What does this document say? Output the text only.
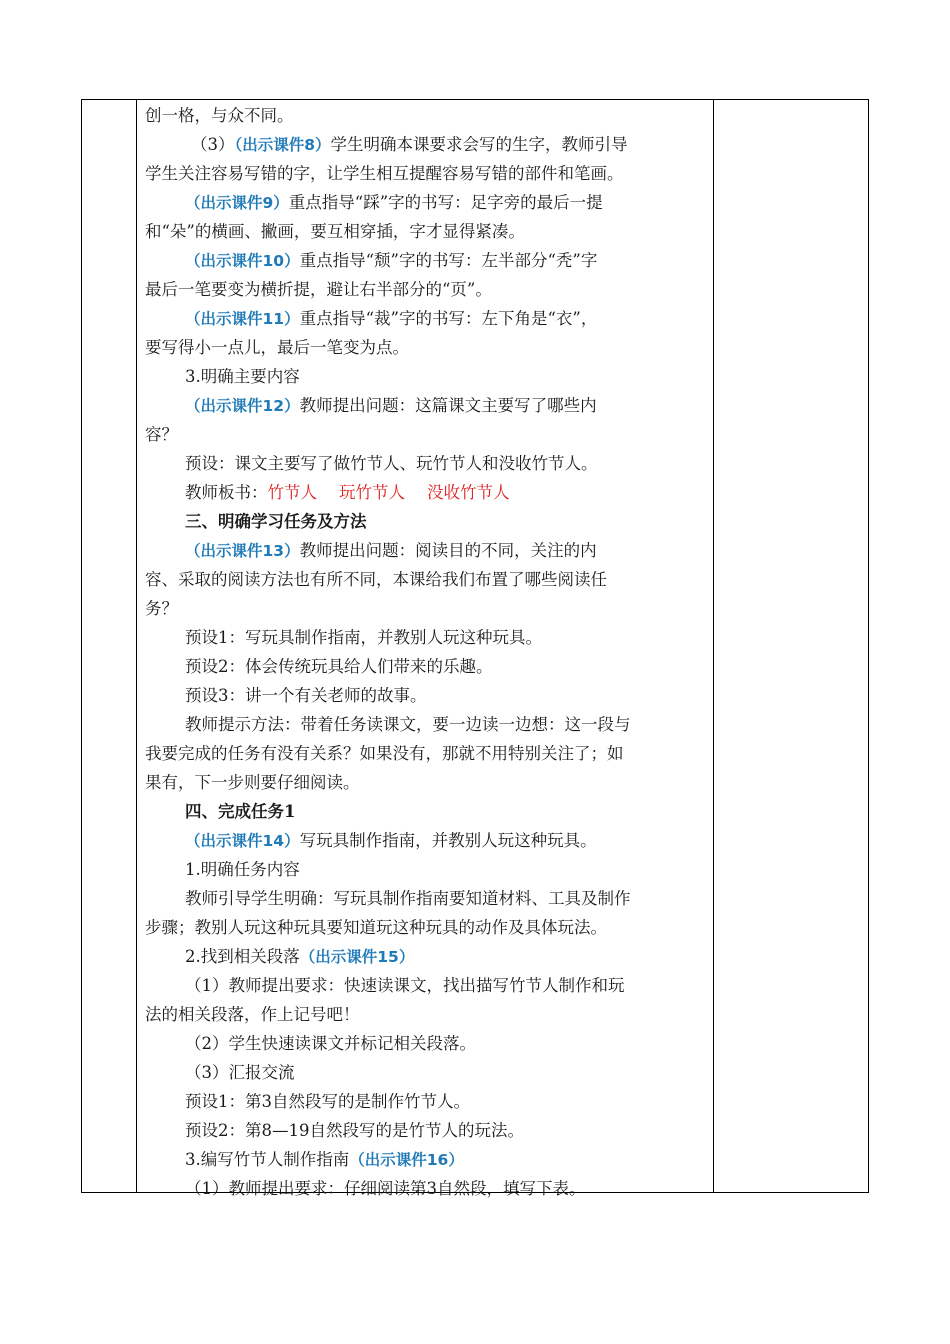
创一格，与众不同。
（3）（出示课件8）学生明确本课要求会写的生字，教师引导
学生关注容易写错的字，让学生相互提醒容易写错的部件和笔画。
（出示课件9）重点指导“踩”字的书写：足字旁的最后一提
和“朵”的横画、撇画，要互相穿插，字才显得紧凑。
（出示课件10）重点指导“颓”字的书写：左半部分“秃”字
最后一笔要变为横折提，避让右半部分的“页”。
（出示课件11）重点指导“裁”字的书写：左下角是“衣”，
要写得小一点儿，最后一笔变为点。
3.明确主要内容
（出示课件12）教师提出问题：这篇课文主要写了哪些内
容？
预设：课文主要写了做竹节人、玩竹节人和没收竹节人。
教师板书：竹节人 玩竹节人 没收竹节人
三、明确学习任务及方法
（出示课件13）教师提出问题：阅读目的不同，关注的内
容、采取的阅读方法也有所不同，本课给我们布置了哪些阅读任
务？
预设1：写玩具制作指南，并教别人玩这种玩具。
预设2：体会传统玩具给人们带来的乐趣。
预设3：讲一个有关老师的故事。
教师提示方法：带着任务读课文，要一边读一边想：这一段与
我要完成的任务有没有关系？如果没有，那就不用特别关注了；如
果有，下一步则要仔细阅读。
四、完成任务1
（出示课件14）写玩具制作指南，并教别人玩这种玩具。
1.明确任务内容
教师引导学生明确：写玩具制作指南要知道材料、工具及制作
步骤；教别人玩这种玩具要知道玩这种玩具的动作及具体玩法。
2.找到相关段落（出示课件15）
（1）教师提出要求：快速读课文，找出描写竹节人制作和玩
法的相关段落，作上记号吧！
（2）学生快速读课文并标记相关段落。
（3）汇报交流
预设1：第3自然段写的是制作竹节人。
预设2：第8—19自然段写的是竹节人的玩法。
3.编写竹节人制作指南（出示课件16）
（1）教师提出要求：仔细阅读第3自然段，填写下表。
